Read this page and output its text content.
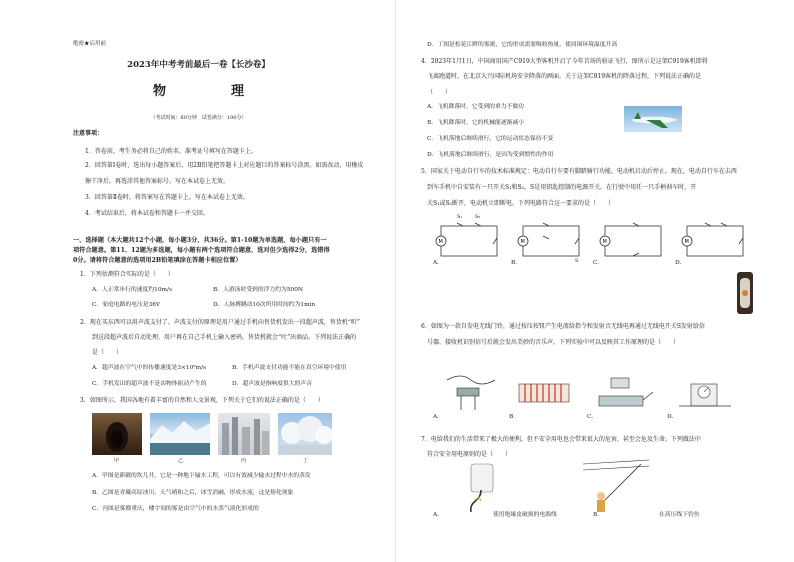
绝密★启用前
2023年中考考前最后一卷【长沙卷】
物　理
（考试时间：60分钟　试卷满分：100分）
注意事项：
1．答卷前，考生务必将自己的姓名、准考证号填写在答题卡上。
2．回答第Ⅰ卷时，选出每小题答案后，用2B铅笔把答题卡上对应题目的答案标号涂黑。如需改动，用橡皮
擦干净后，再选涂其他答案标号。写在本试卷上无效。
3．回答第Ⅱ卷时，将答案写在答题卡上。写在本试卷上无效。
4．考试结束后，将本试卷和答题卡一并交回。
一、选择题（本大题共12个小题，每小题3分，共36分。第1-10题为单选题，每小题只有一
项符合题意。第11、12题为多选题，每小题有两个选项符合题意，选对但少选得2分，选错得
0分。请将符合题意的选项用2B铅笔填涂在答题卡相应位置）
1．下列估测符合实际的是（　　）
A．人正常步行的速度约10m/s	B．人游泳时受到的浮力约为500N
C．家庭电路的电压是36V	D．人脉搏跳动10次所用时间约为1min
2．现在买东西可以用声波支付了。声波支付的原理是用户通过手机向售货机发出一段超声波，售货机“听”
到这段超声波后自动处理，用户再在自己手机上输入密码，售货机就会“吐”出商品。下列说法正确的
是（　　）
A．超声波在空气中的传播速度是3×10⁸m/s	B．手机声波支付功能不能在真空环境中使用
C．手机发出的超声波不是由物体振动产生的	D．超声波是指响度很大的声音
3．如图所示，我国各地有着丰富的自然和人文景观，下列关于它们的说法正确的是（　　）
甲	乙	丙	丁
A．甲图是新疆的坎儿井，它是一种地下输水工程，可以有效减少输水过程中水的蒸发
B．乙图是青藏高原冰川，天气晴和之后，冰雪消融，形成水流，这是熔化现象
C．丙图是雾都重庆，楼宇间的雾是由空气中的水蒸气液化形成的
D．丁图是松花江畔的雾凇，它的形成需要吸收热量，使周围环境温度升高
4．2023年1月1日，中国商用国产C919大型客机开启了今年首场的验证飞行，图所示是这架C919客机即将
飞离跑道时，在北京大兴国际机场安全降落的画面。关于这架C919客机的降落过程，下列说法正确的是
（　　）
A．飞机降落时，它受到的重力不做功
B．飞机降落时，它的机械能逐渐减小
C．飞机落地后继续滑行，它的运动状态保持不变
D．飞机落地后继续滑行，是因为受到惯性的作用
5．国家关于电动自行车的技术标准规定：电动自行车要有脚踏骑行功能，电动机启动后停止。现在，电动自行车在去西
到车手机中自安装有一只开关S₁和S₂，S是用钥匙控制的电源开关。在行驶中用任一只手柄刹车时，开
关S₁或S₂断开，电动机立即断电。下列电路符合这一要求的是（　　）
M
S₁	S₂
M
S
M	M
A．	B．	C．	D．
6．如图为一款自发电无线门铃，通过按压按钮产生电流给指令和发射音无线电再通过无线电开关S发射给信
号器，接收机识别信号后就会发出美妙的音乐声。下列实验中可以反映其工作原理的是（　　）
A．	B．	C．	D．
7．电给我们的生活带来了极大的便利，但不安全用电也会带来很大的危害，甚至会危及生命。下列做法中
符合安全用电原则的是（　　）
A．	使用绝缘皮破损的电源线	B．	在高压线下钓鱼
